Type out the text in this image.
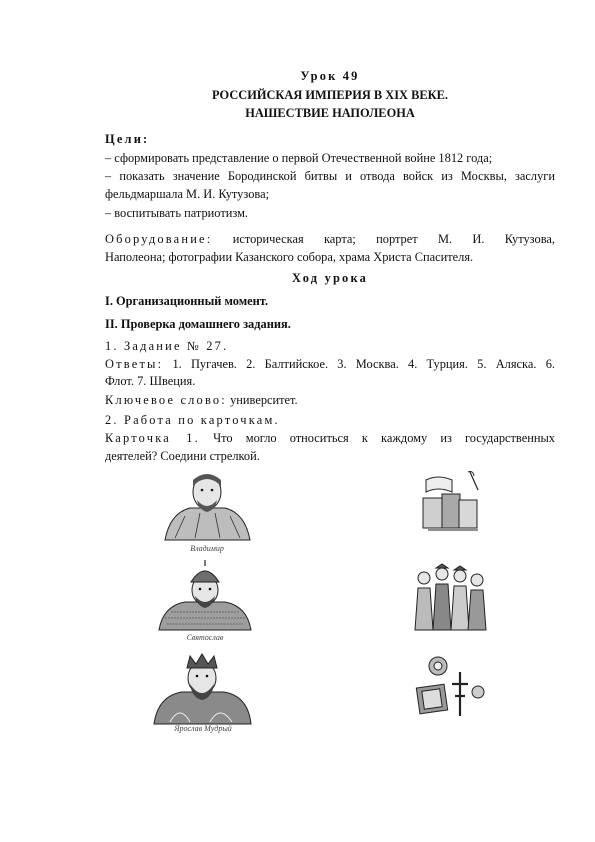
Урок 49
РОССИЙСКАЯ ИМПЕРИЯ В XIX ВЕКЕ.
НАШЕСТВИЕ НАПОЛЕОНА
Цели:
– сформировать представление о первой Отечественной войне 1812 года;
– показать значение Бородинской битвы и отвода войск из Москвы, заслуги
фельдмаршала М. И. Кутузова;
– воспитывать патриотизм.
Оборудование: историческая карта; портрет М. И. Кутузова,
Наполеона; фотографии Казанского собора, храма Христа Спасителя.
Ход урока
I. Организационный момент.
II. Проверка домашнего задания.
1. Задание № 27.
Ответы: 1. Пугачев. 2. Балтийское. 3. Москва. 4. Турция. 5. Аляска. 6.
Флот. 7. Швеция.
Ключевое слово: университет.
2. Работа по карточкам.
Карточка 1. Что могло относиться к каждому из государственных
деятелей? Соедини стрелкой.
Владимир
Святослав
Ярослав Мудрый
